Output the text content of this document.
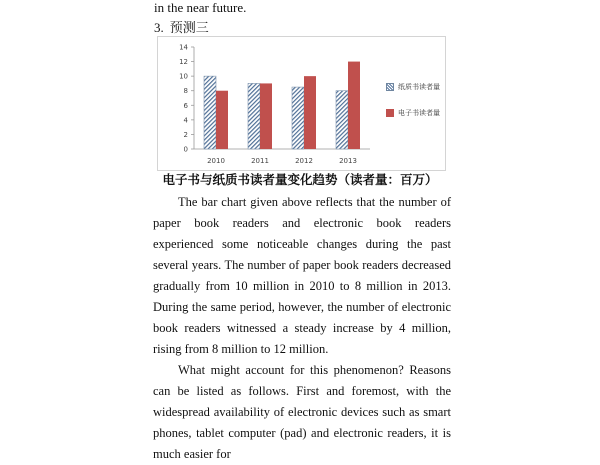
in the near future.
3. 预测三
0
2
4
6
8
10
12
14
2010	2011	2012	2013
纸质书读者量
电子书读者量
电子书与纸质书读者量变化趋势（读者量：百万）

The bar chart given above reflects that the number of paper book readers and electronic book readers experienced some noticeable changes during the past several years. The number of paper book readers decreased gradually from 10 million in 2010 to 8 million in 2013. During the same period, however, the number of electronic book readers witnessed a steady increase by 4 million, rising from 8 million to 12 million.

What might account for this phenomenon? Reasons can be listed as follows. First and foremost, with the widespread availability of electronic devices such as smart phones, tablet computer (pad) and electronic readers, it is much easier for
